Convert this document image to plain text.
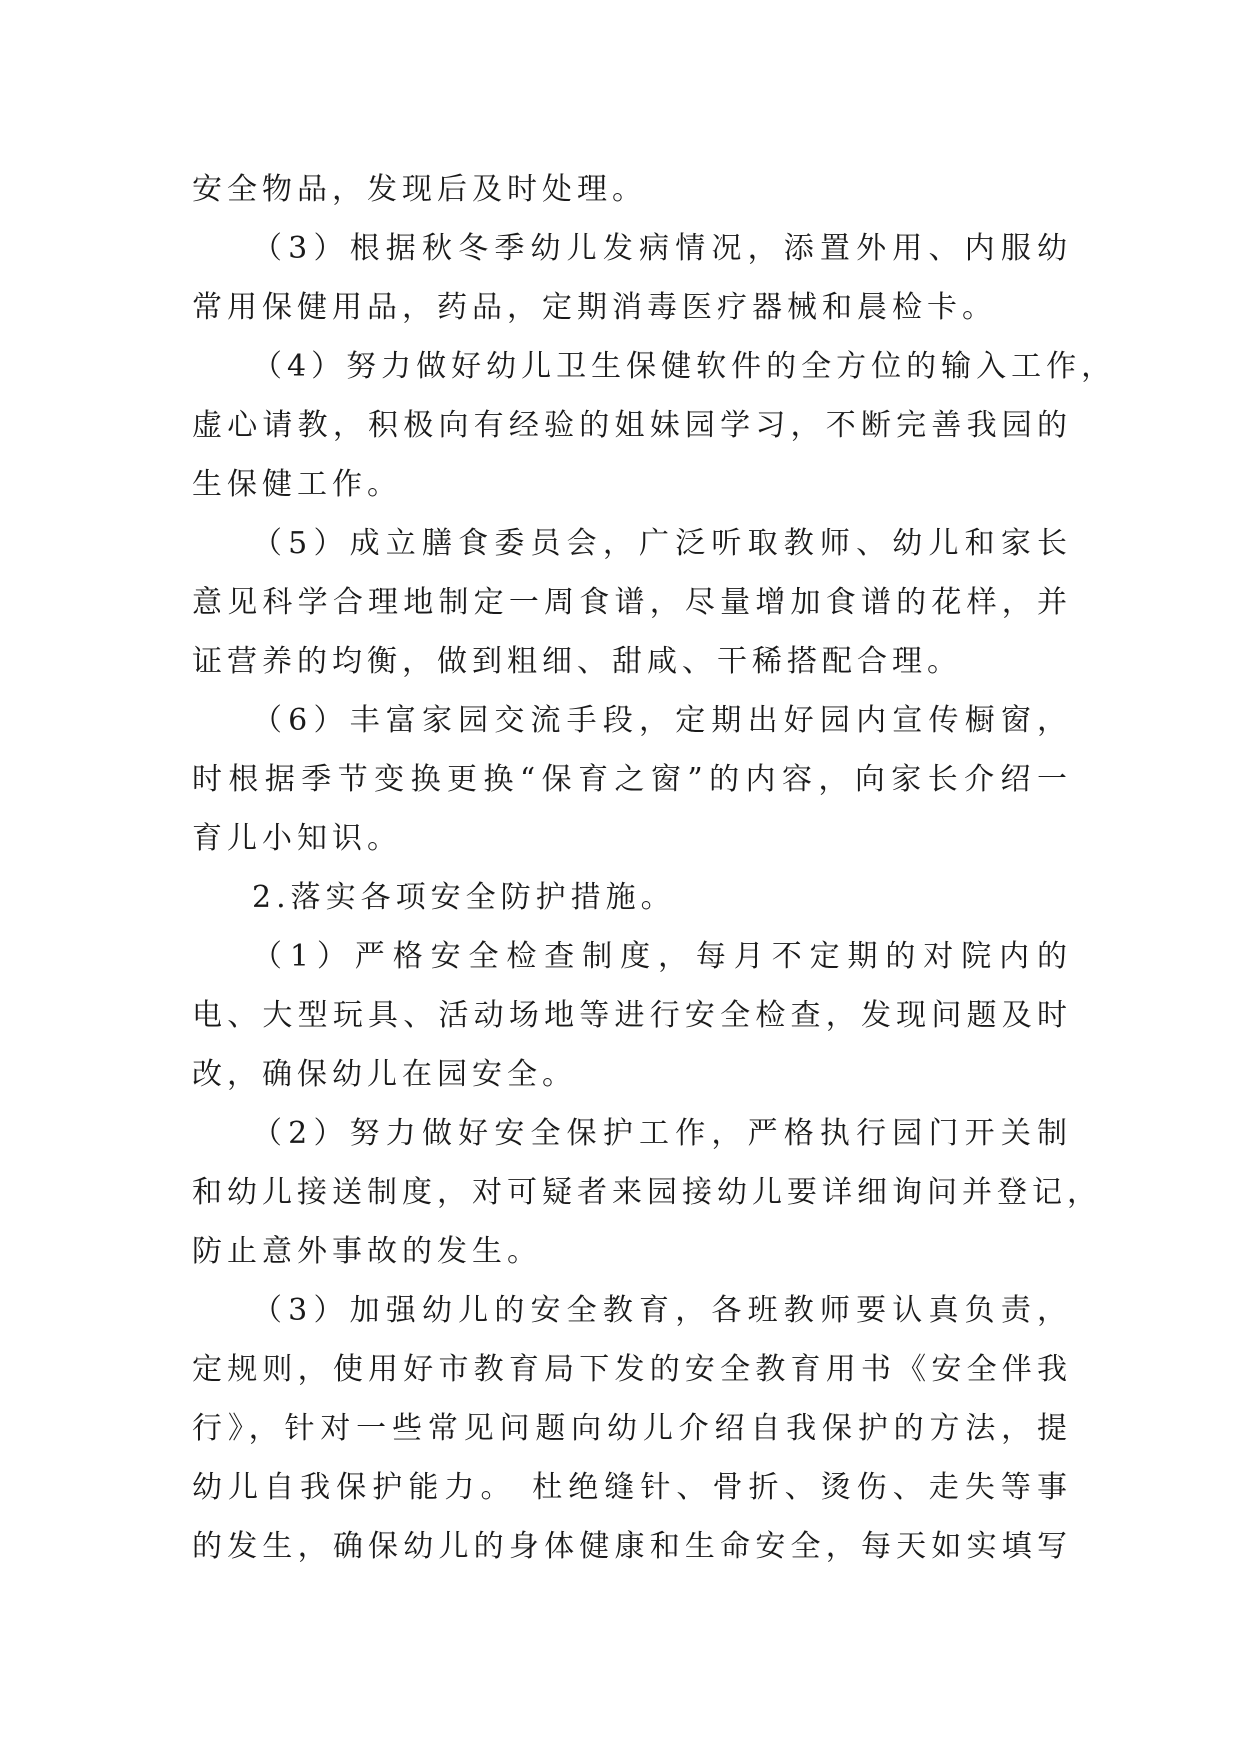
安全物品，发现后及时处理。
（3）根据秋冬季幼儿发病情况，添置外用、内服幼
常用保健用品，药品，定期消毒医疗器械和晨检卡。
（4）努力做好幼儿卫生保健软件的全方位的输入工作，
虚心请教，积极向有经验的姐妹园学习，不断完善我园的
生保健工作。
（5）成立膳食委员会，广泛听取教师、幼儿和家长
意见科学合理地制定一周食谱，尽量增加食谱的花样，并
证营养的均衡，做到粗细、甜咸、干稀搭配合理。
（6）丰富家园交流手段，定期出好园内宣传橱窗，
时根据季节变换更换“保育之窗”的内容，向家长介绍一
育儿小知识。
2.落实各项安全防护措施。
（1）严格安全检查制度，每月不定期的对院内的
电、大型玩具、活动场地等进行安全检查，发现问题及时
改，确保幼儿在园安全。
（2）努力做好安全保护工作，严格执行园门开关制
和幼儿接送制度，对可疑者来园接幼儿要详细询问并登记，
防止意外事故的发生。
（3）加强幼儿的安全教育，各班教师要认真负责，
定规则，使用好市教育局下发的安全教育用书《安全伴我
行》，针对一些常见问题向幼儿介绍自我保护的方法，提
幼儿自我保护能力。 杜绝缝针、骨折、烫伤、走失等事
的发生，确保幼儿的身体健康和生命安全，每天如实填写
